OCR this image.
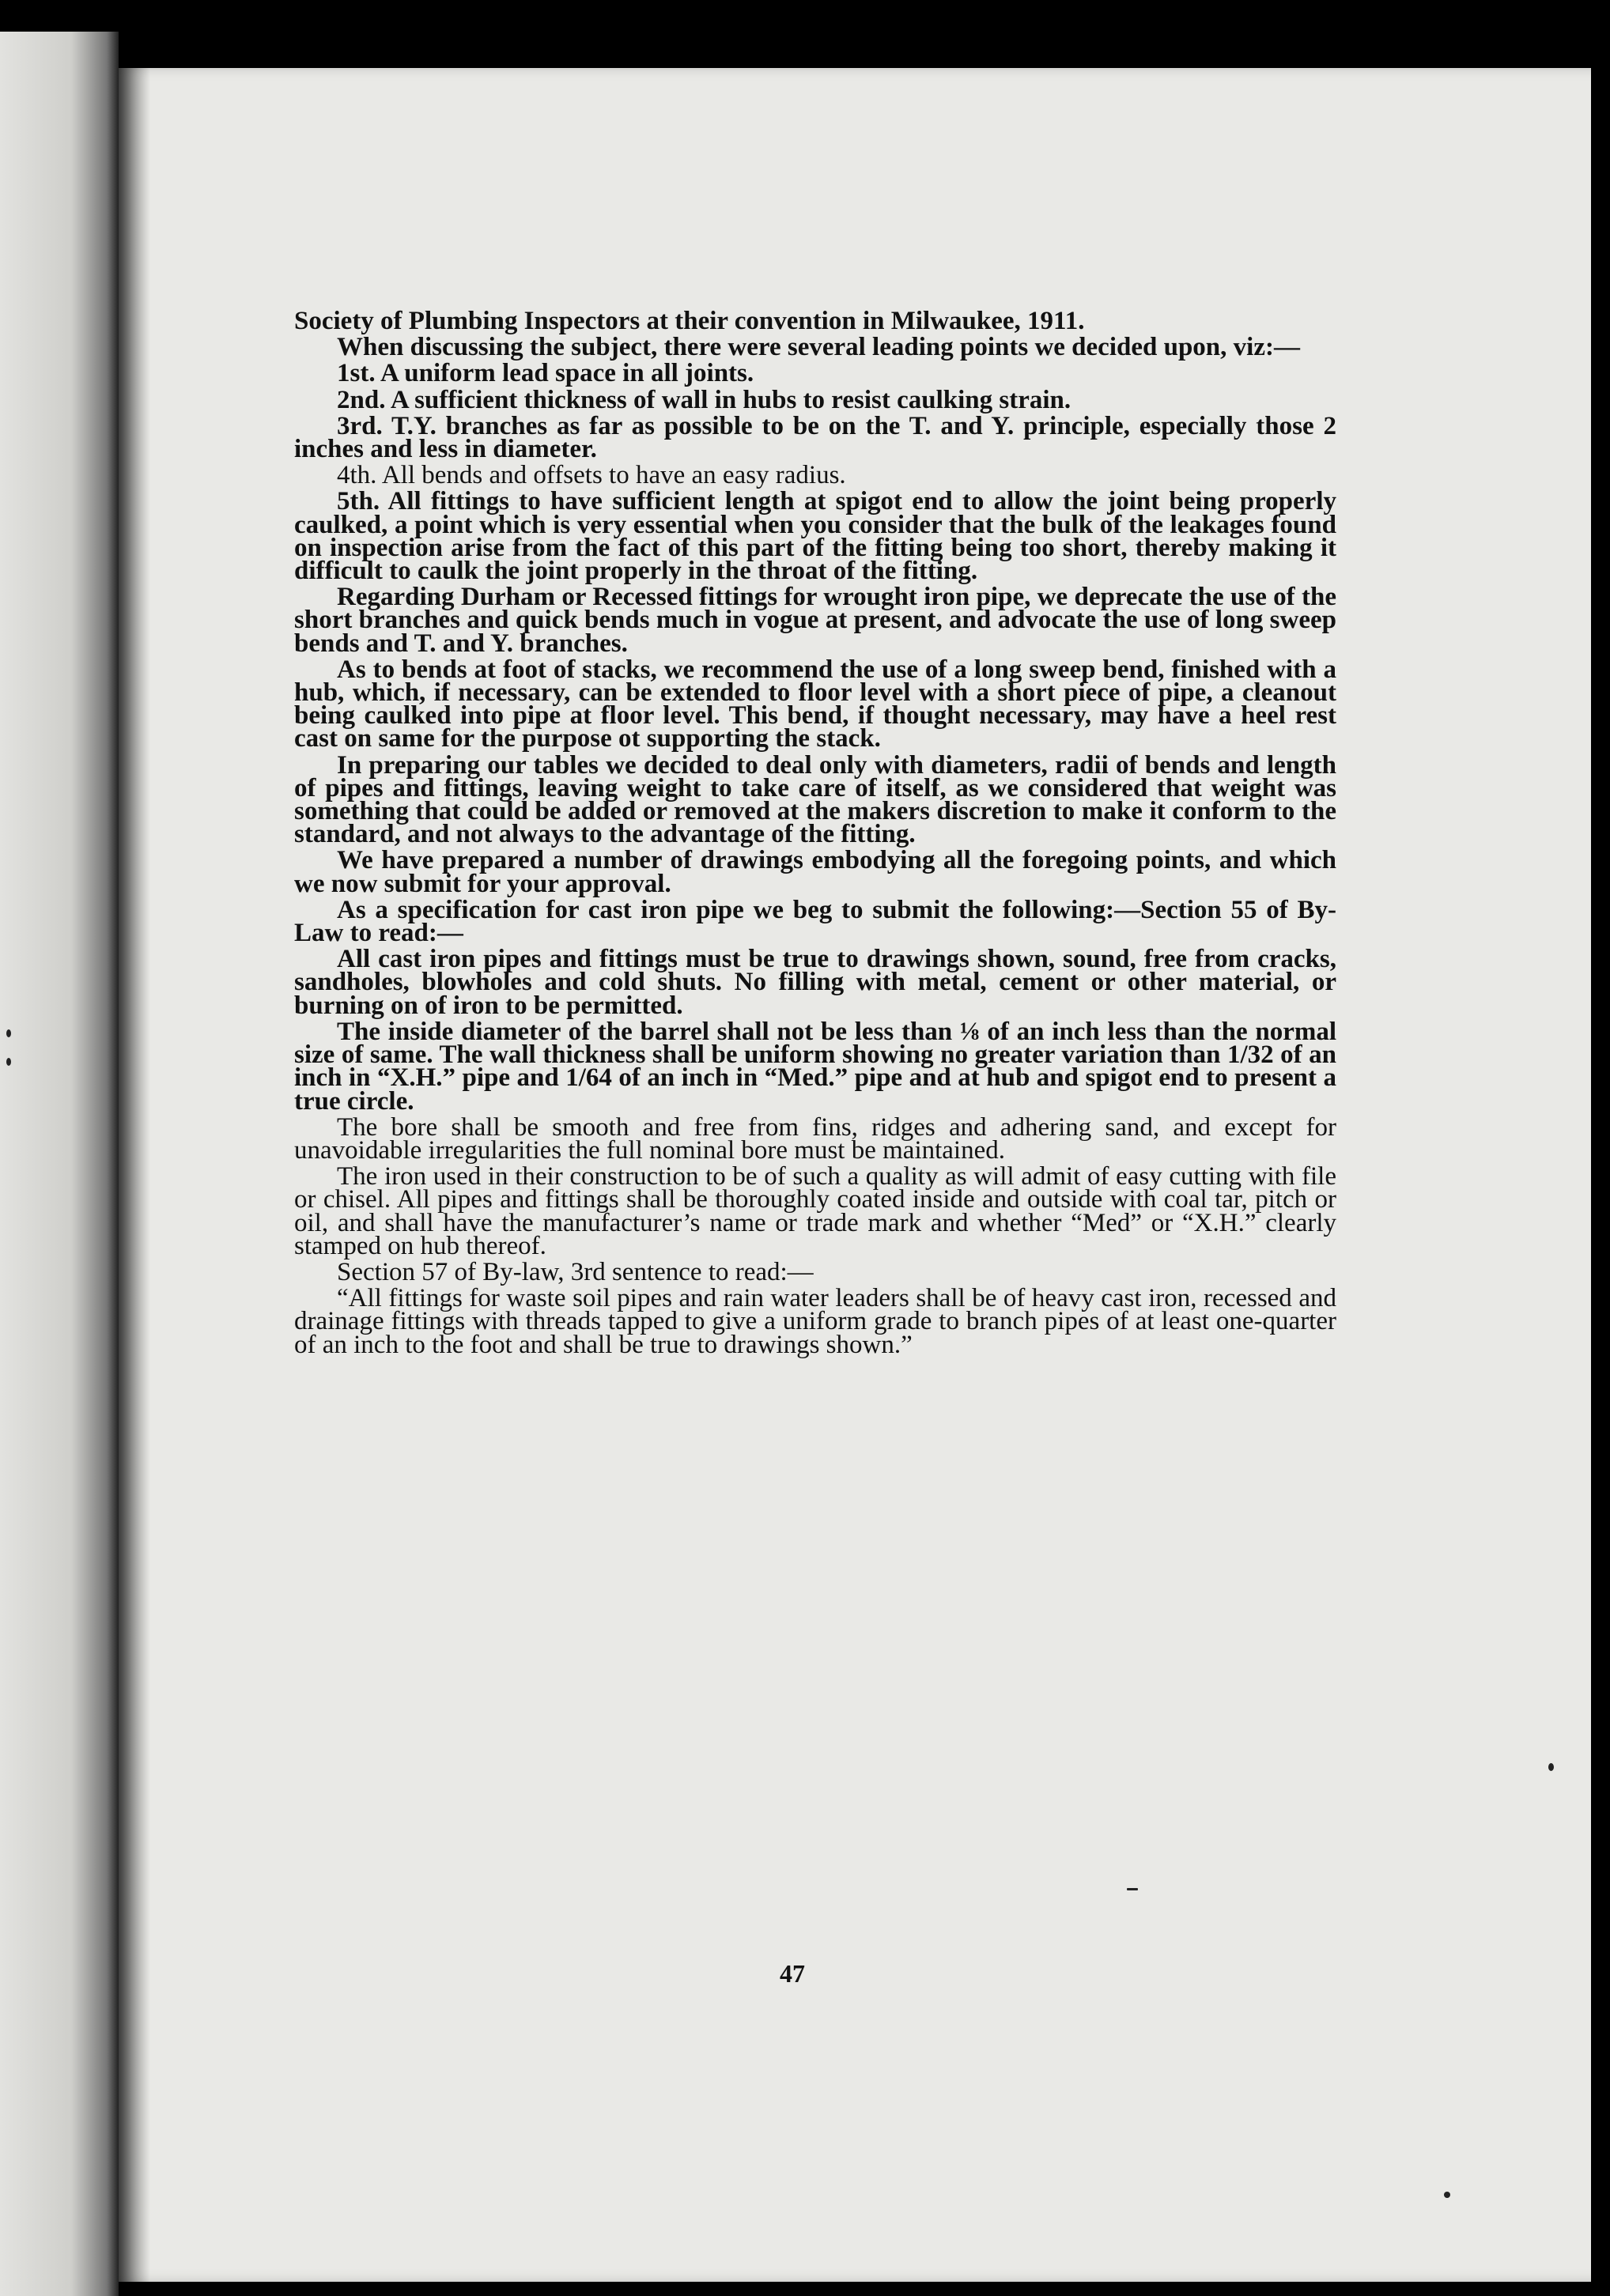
Society of Plumbing Inspectors at their convention in Milwaukee, 1911.

When discussing the subject, there were several leading points we decided upon, viz:—

1st. A uniform lead space in all joints.

2nd. A sufficient thickness of wall in hubs to resist caulking strain.

3rd. T.Y. branches as far as possible to be on the T. and Y. principle, especially those 2 inches and less in diameter.

4th. All bends and offsets to have an easy radius.

5th. All fittings to have sufficient length at spigot end to allow the joint being properly caulked, a point which is very essential when you consider that the bulk of the leakages found on inspection arise from the fact of this part of the fitting being too short, thereby making it difficult to caulk the joint properly in the throat of the fitting.

Regarding Durham or Recessed fittings for wrought iron pipe, we deprecate the use of the short branches and quick bends much in vogue at present, and advocate the use of long sweep bends and T. and Y. branches.

As to bends at foot of stacks, we recommend the use of a long sweep bend, finished with a hub, which, if necessary, can be extended to floor level with a short piece of pipe, a cleanout being caulked into pipe at floor level. This bend, if thought necessary, may have a heel rest cast on same for the purpose ot supporting the stack.

In preparing our tables we decided to deal only with diameters, radii of bends and length of pipes and fittings, leaving weight to take care of itself, as we considered that weight was something that could be added or removed at the makers discretion to make it conform to the standard, and not always to the advantage of the fitting.

We have prepared a number of drawings embodying all the foregoing points, and which we now submit for your approval.

As a specification for cast iron pipe we beg to submit the following:—Section 55 of By-Law to read:—

All cast iron pipes and fittings must be true to drawings shown, sound, free from cracks, sandholes, blowholes and cold shuts. No filling with metal, cement or other material, or burning on of iron to be permitted.

The inside diameter of the barrel shall not be less than ⅛ of an inch less than the normal size of same. The wall thickness shall be uniform showing no greater variation than 1/32 of an inch in “X.H.” pipe and 1/64 of an inch in “Med.” pipe and at hub and spigot end to present a true circle.

The bore shall be smooth and free from fins, ridges and adhering sand, and except for unavoidable irregularities the full nominal bore must be maintained.

The iron used in their construction to be of such a quality as will admit of easy cutting with file or chisel. All pipes and fittings shall be thoroughly coated inside and outside with coal tar, pitch or oil, and shall have the manufacturer’s name or trade mark and whether “Med” or “X.H.” clearly stamped on hub thereof.

Section 57 of By-law, 3rd sentence to read:—

“All fittings for waste soil pipes and rain water leaders shall be of heavy cast iron, recessed and drainage fittings with threads tapped to give a uniform grade to branch pipes of at least one-quarter of an inch to the foot and shall be true to drawings shown.”

47
